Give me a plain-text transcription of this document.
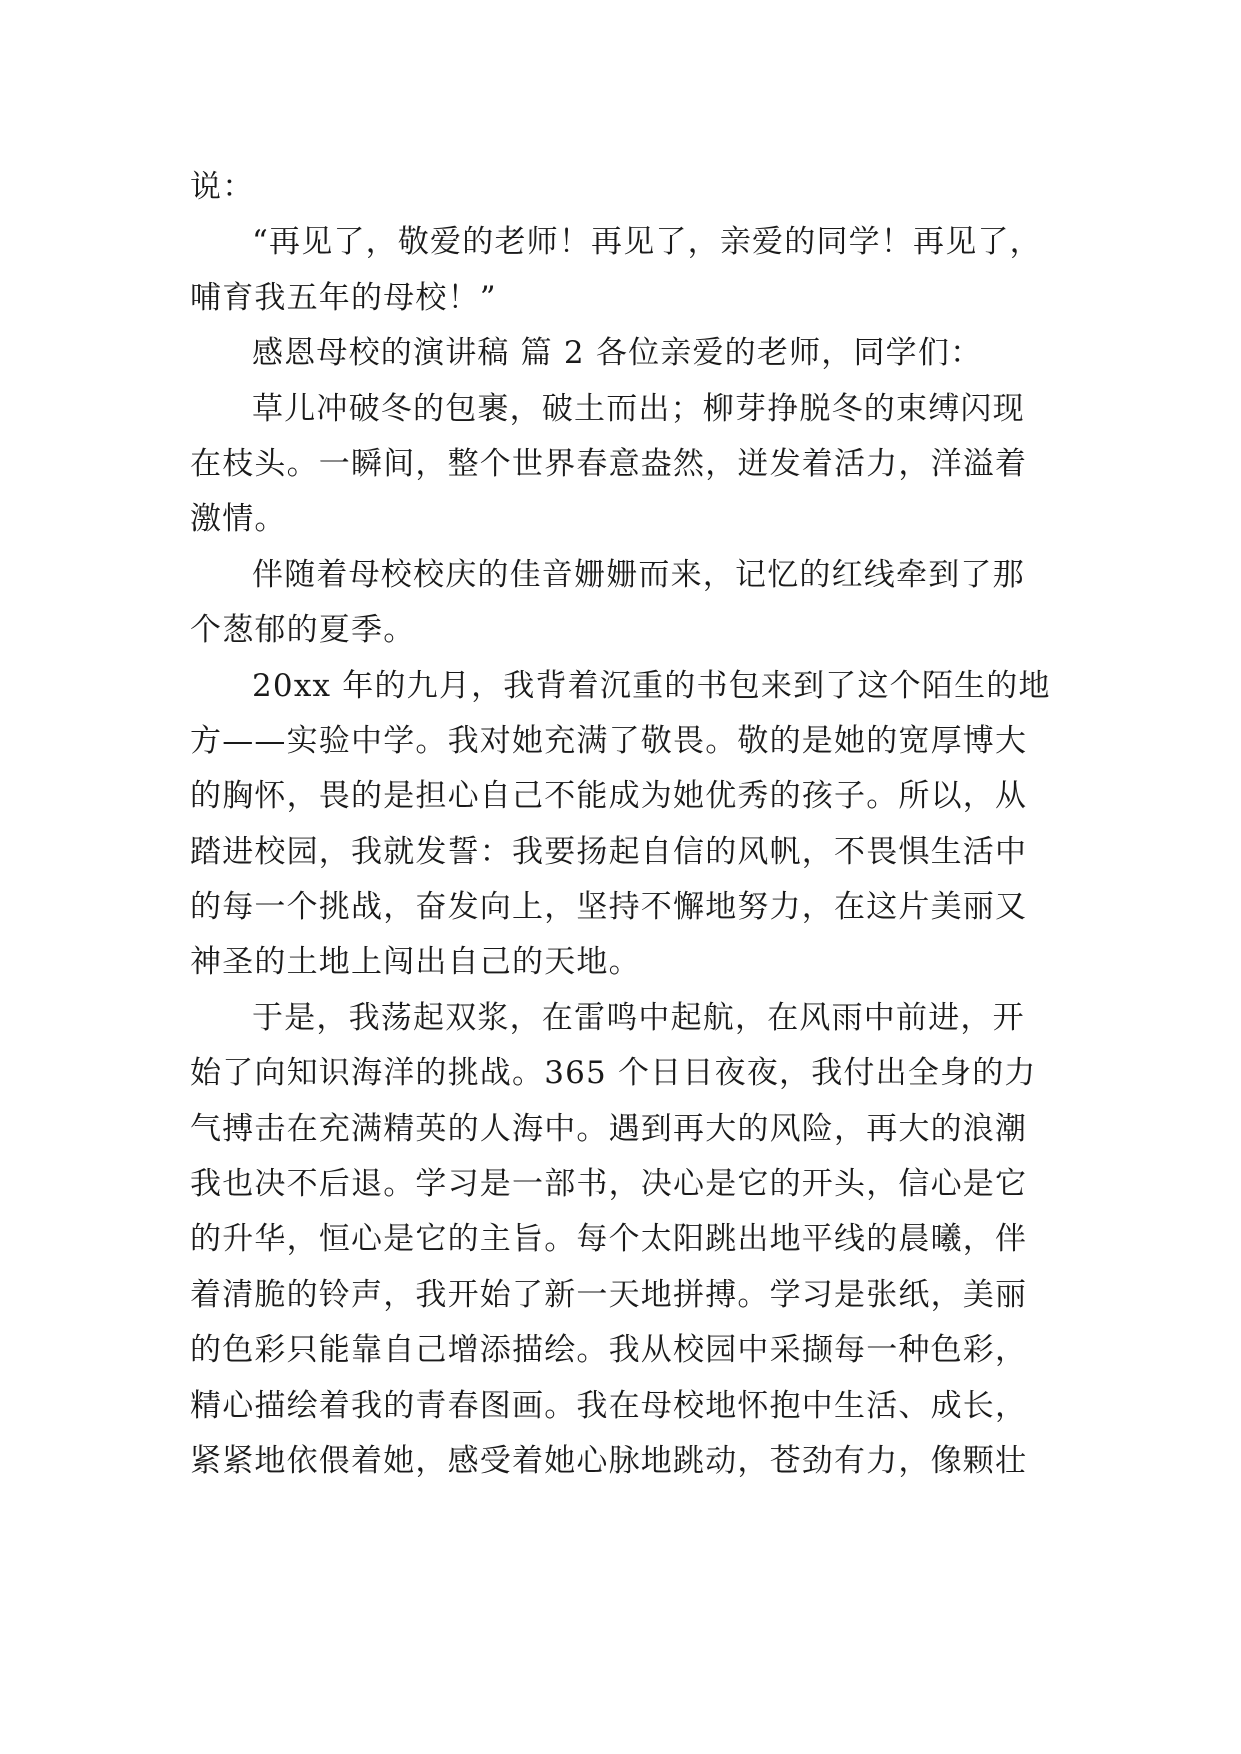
说：
“再见了，敬爱的老师！再见了，亲爱的同学！再见了，
哺育我五年的母校！”
感恩母校的演讲稿 篇 2 各位亲爱的老师，同学们：
草儿冲破冬的包裹，破土而出；柳芽挣脱冬的束缚闪现
在枝头。一瞬间，整个世界春意盎然，迸发着活力，洋溢着
激情。
伴随着母校校庆的佳音姗姗而来，记忆的红线牵到了那
个葱郁的夏季。
20xx 年的九月，我背着沉重的书包来到了这个陌生的地
方——实验中学。我对她充满了敬畏。敬的是她的宽厚博大
的胸怀，畏的是担心自己不能成为她优秀的孩子。所以，从
踏进校园，我就发誓：我要扬起自信的风帆，不畏惧生活中
的每一个挑战，奋发向上，坚持不懈地努力，在这片美丽又
神圣的土地上闯出自己的天地。
于是，我荡起双浆，在雷鸣中起航，在风雨中前进，开
始了向知识海洋的挑战。365 个日日夜夜，我付出全身的力
气搏击在充满精英的人海中。遇到再大的风险，再大的浪潮
我也决不后退。学习是一部书，决心是它的开头，信心是它
的升华，恒心是它的主旨。每个太阳跳出地平线的晨曦，伴
着清脆的铃声，我开始了新一天地拼搏。学习是张纸，美丽
的色彩只能靠自己增添描绘。我从校园中采撷每一种色彩，
精心描绘着我的青春图画。我在母校地怀抱中生活、成长，
紧紧地依偎着她，感受着她心脉地跳动，苍劲有力，像颗壮
